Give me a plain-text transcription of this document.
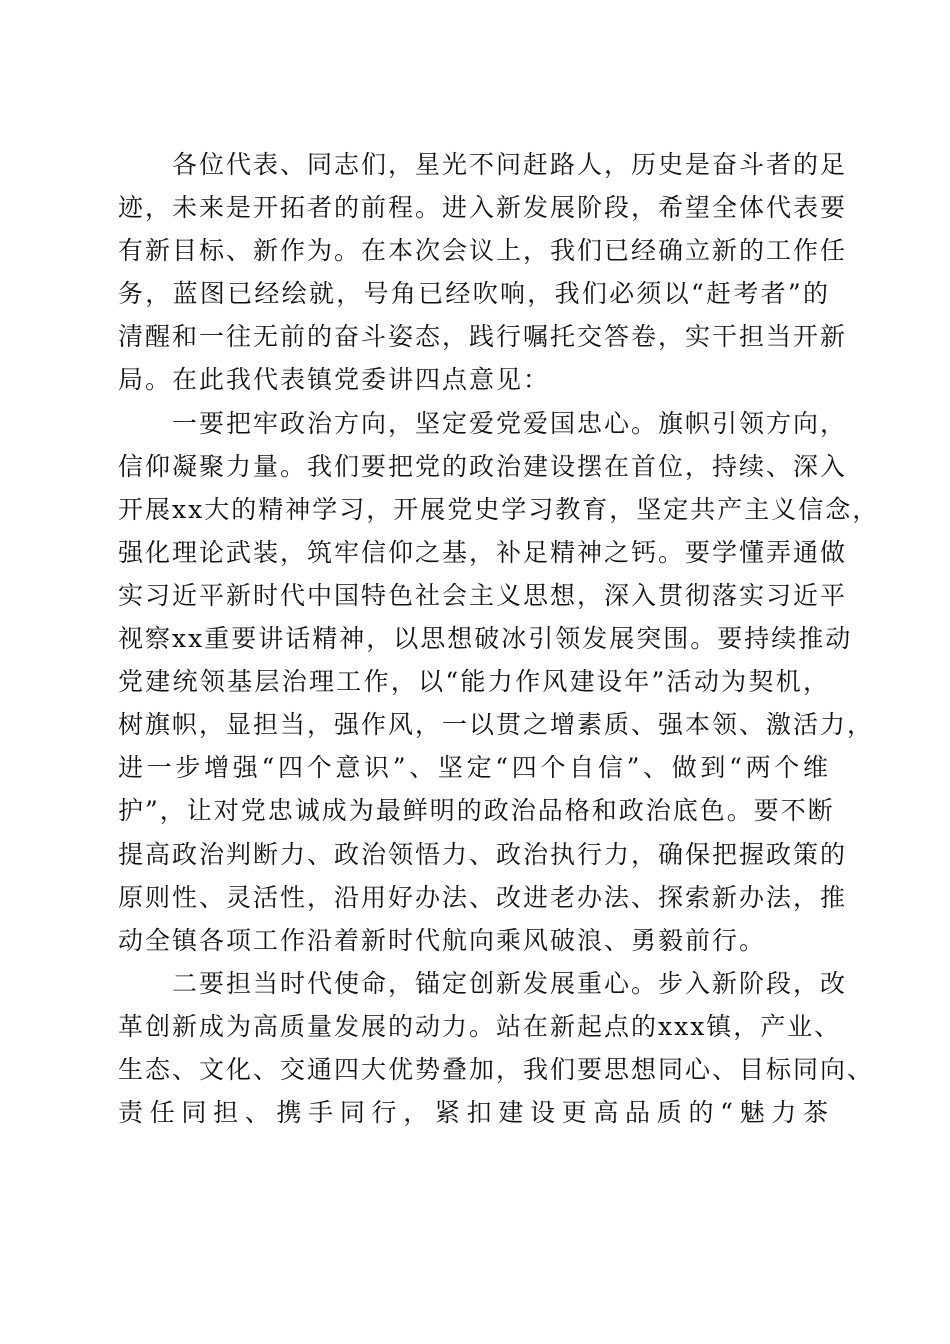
各位代表、同志们，星光不问赶路人，历史是奋斗者的足
迹，未来是开拓者的前程。进入新发展阶段，希望全体代表要
有新目标、新作为。在本次会议上，我们已经确立新的工作任
务，蓝图已经绘就，号角已经吹响，我们必须以“赶考者”的
清醒和一往无前的奋斗姿态，践行嘱托交答卷，实干担当开新
局。在此我代表镇党委讲四点意见：
一要把牢政治方向，坚定爱党爱国忠心。旗帜引领方向，
信仰凝聚力量。我们要把党的政治建设摆在首位，持续、深入
开展xx大的精神学习，开展党史学习教育，坚定共产主义信念，
强化理论武装，筑牢信仰之基，补足精神之钙。要学懂弄通做
实习近平新时代中国特色社会主义思想，深入贯彻落实习近平
视察xx重要讲话精神，以思想破冰引领发展突围。要持续推动
党建统领基层治理工作，以“能力作风建设年”活动为契机，
树旗帜，显担当，强作风，一以贯之增素质、强本领、激活力，
进一步增强“四个意识”、坚定“四个自信”、做到“两个维
护”，让对党忠诚成为最鲜明的政治品格和政治底色。要不断
提高政治判断力、政治领悟力、政治执行力，确保把握政策的
原则性、灵活性，沿用好办法、改进老办法、探索新办法，推
动全镇各项工作沿着新时代航向乘风破浪、勇毅前行。
二要担当时代使命，锚定创新发展重心。步入新阶段，改
革创新成为高质量发展的动力。站在新起点的xxx镇，产业、
生态、文化、交通四大优势叠加，我们要思想同心、目标同向、
责任同担、携手同行，紧扣建设更高品质的“魅力茶
